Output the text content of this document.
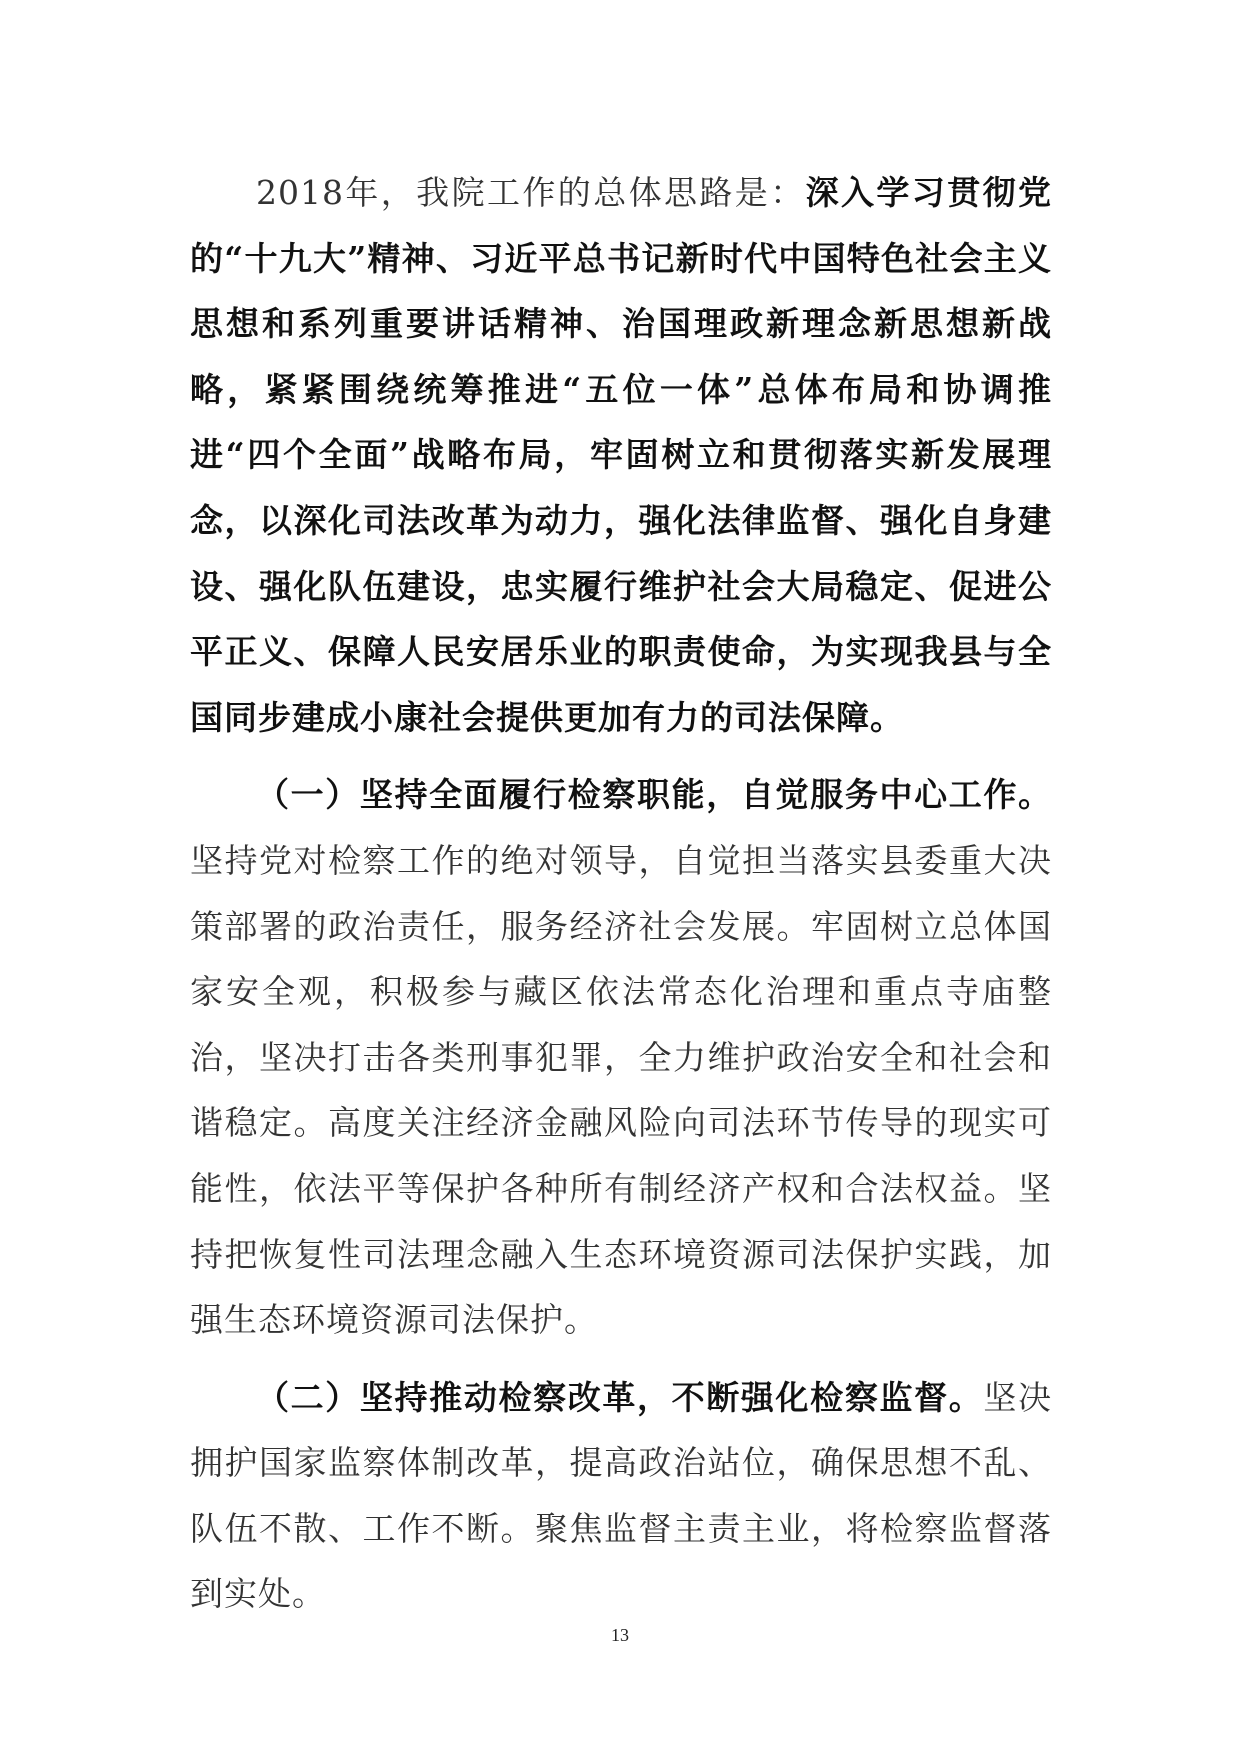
2018年，我院工作的总体思路是：深入学习贯彻党的“十九大”精神、习近平总书记新时代中国特色社会主义思想和系列重要讲话精神、治国理政新理念新思想新战略，紧紧围绕统筹推进“五位一体”总体布局和协调推进“四个全面”战略布局，牢固树立和贯彻落实新发展理念，以深化司法改革为动力，强化法律监督、强化自身建设、强化队伍建设，忠实履行维护社会大局稳定、促进公平正义、保障人民安居乐业的职责使命，为实现我县与全国同步建成小康社会提供更加有力的司法保障。

（一）坚持全面履行检察职能，自觉服务中心工作。坚持党对检察工作的绝对领导，自觉担当落实县委重大决策部署的政治责任，服务经济社会发展。牢固树立总体国家安全观，积极参与藏区依法常态化治理和重点寺庙整治，坚决打击各类刑事犯罪，全力维护政治安全和社会和谐稳定。高度关注经济金融风险向司法环节传导的现实可能性，依法平等保护各种所有制经济产权和合法权益。坚持把恢复性司法理念融入生态环境资源司法保护实践，加强生态环境资源司法保护。

（二）坚持推动检察改革，不断强化检察监督。坚决拥护国家监察体制改革，提高政治站位，确保思想不乱、队伍不散、工作不断。聚焦监督主责主业，将检察监督落到实处。

13
